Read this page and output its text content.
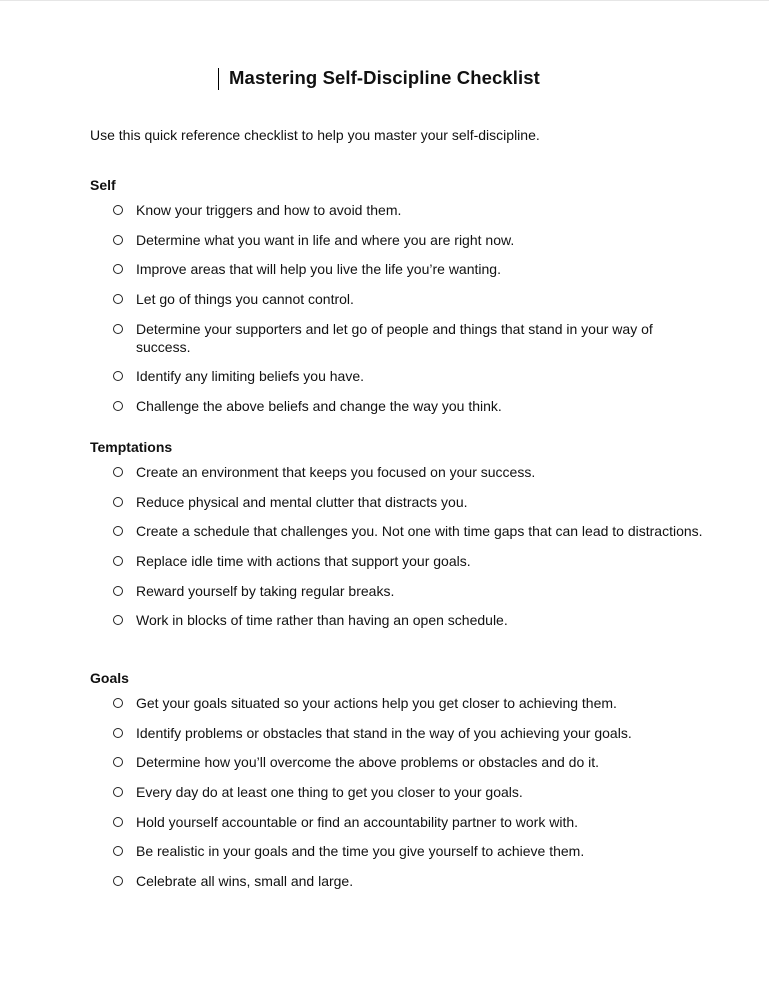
Mastering Self-Discipline Checklist

Use this quick reference checklist to help you master your self-discipline.

Self
Know your triggers and how to avoid them.
Determine what you want in life and where you are right now.
Improve areas that will help you live the life you’re wanting.
Let go of things you cannot control.
Determine your supporters and let go of people and things that stand in your way of success.
Identify any limiting beliefs you have.
Challenge the above beliefs and change the way you think.
Temptations
Create an environment that keeps you focused on your success.
Reduce physical and mental clutter that distracts you.
Create a schedule that challenges you. Not one with time gaps that can lead to distractions.
Replace idle time with actions that support your goals.
Reward yourself by taking regular breaks.
Work in blocks of time rather than having an open schedule.
Goals
Get your goals situated so your actions help you get closer to achieving them.
Identify problems or obstacles that stand in the way of you achieving your goals.
Determine how you’ll overcome the above problems or obstacles and do it.
Every day do at least one thing to get you closer to your goals.
Hold yourself accountable or find an accountability partner to work with.
Be realistic in your goals and the time you give yourself to achieve them.
Celebrate all wins, small and large.
